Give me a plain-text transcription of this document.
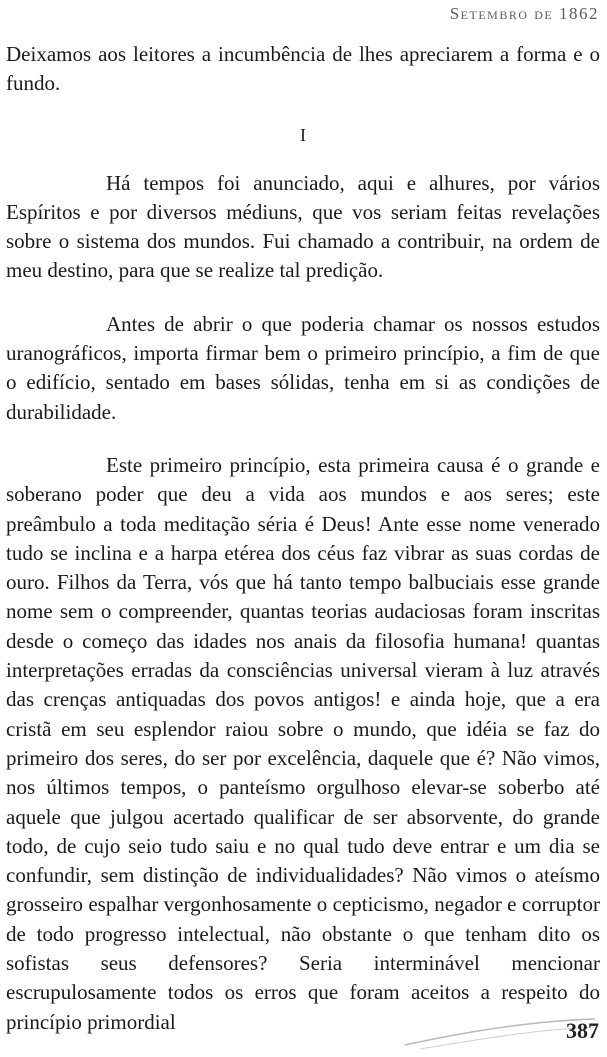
Setembro de 1862

Deixamos aos leitores a incumbência de lhes apreciarem a forma e o fundo.

I

Há tempos foi anunciado, aqui e alhures, por vários Espíritos e por diversos médiuns, que vos seriam feitas revelações sobre o sistema dos mundos. Fui chamado a contribuir, na ordem de meu destino, para que se realize tal predição.

Antes de abrir o que poderia chamar os nossos estudos uranográficos, importa firmar bem o primeiro princípio, a fim de que o edifício, sentado em bases sólidas, tenha em si as condições de durabilidade.

Este primeiro princípio, esta primeira causa é o grande e soberano poder que deu a vida aos mundos e aos seres; este preâmbulo a toda meditação séria é Deus! Ante esse nome venerado tudo se inclina e a harpa etérea dos céus faz vibrar as suas cordas de ouro. Filhos da Terra, vós que há tanto tempo balbuciais esse grande nome sem o compreender, quantas teorias audaciosas foram inscritas desde o começo das idades nos anais da filosofia humana! quantas interpretações erradas da consciências universal vieram à luz através das crenças antiquadas dos povos antigos! e ainda hoje, que a era cristã em seu esplendor raiou sobre o mundo, que idéia se faz do primeiro dos seres, do ser por excelência, daquele que é? Não vimos, nos últimos tempos, o panteísmo orgulhoso elevar-se soberbo até aquele que julgou acertado qualificar de ser absorvente, do grande todo, de cujo seio tudo saiu e no qual tudo deve entrar e um dia se confundir, sem distinção de individualidades? Não vimos o ateísmo grosseiro espalhar vergonhosamente o cepticismo, negador e corruptor de todo progresso intelectual, não obstante o que tenham dito os sofistas seus defensores? Seria interminável mencionar escrupulosamente todos os erros que foram aceitos a respeito do princípio primordial	387
